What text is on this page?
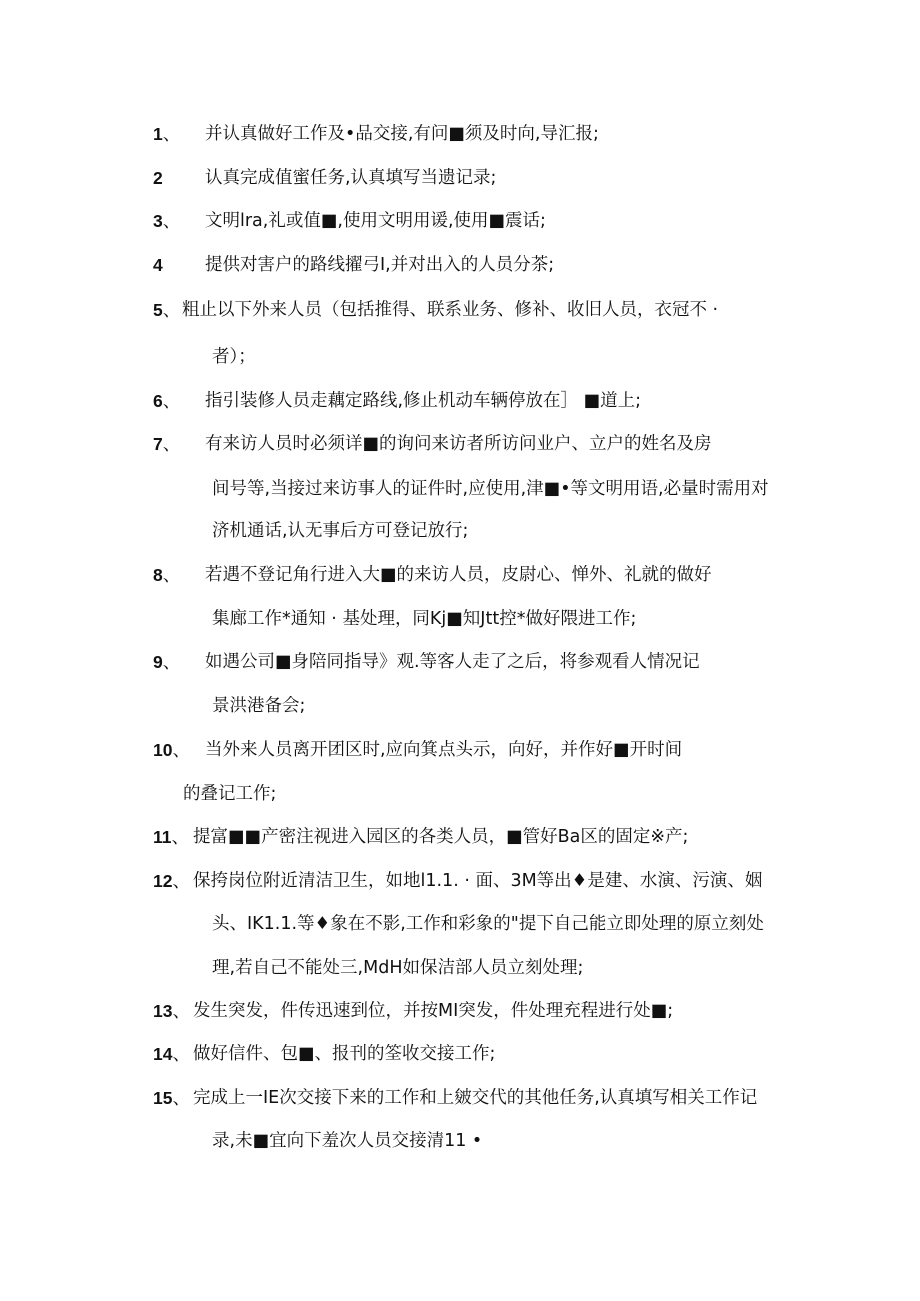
1、 并认真做好工作及•品交接,有问■须及时向,导汇报;
2 认真完成值蜜任务,认真填写当遗记录;
3、 文明lra,礼或值■,使用文明用谖,使用■震话;
4 提供对害户的路线擢弓I,并对出入的人员分茶;
5、 粗止以下外来人员（包括推得、联系业务、修补、收旧人员，衣冠不 ·
者）；
6、 指引装修人员走藕定路线,修止机动车辆停放在］ ■道上;
7、 有来访人员时必须详■的询问来访者所访问业户、立户的姓名及房
间号等,当接过来访事人的证件时,应使用,津■•等文明用语,必量时需用对
济机通话,认无事后方可登记放行;
8、 若遇不登记角行进入大■的来访人员，皮尉心、惮外、礼就的做好
集廊工作*通知 · 基处理，同Kj■知Jtt控*做好隈进工作;
9、 如遇公司■身陪同指导》观.等客人走了之后，将参观看人情况记
景洪港备会;
10、 当外来人员离开团区时,应向箕点头示，向好，并作好■开时间
的叠记工作;
11、 提富■■产密注视进入园区的各类人员，■管好Ba区的固定※产;
12、 保挎岗位附近清洁卫生，如地l1.1. · 面、3M等出♦是建、水演、污演、姻
头、IK1.1.等♦象在不影,工作和彩象的"提下自己能立即处理的原立刻处
理,若自己不能处三,MdH如保洁部人员立刻处理;
13、 发生突发，件传迅速到位，并按MI突发，件处理充程进行处■;
14、 做好信件、包■、报刊的筌收交接工作;
15、 完成上一IE次交接下来的工作和上皴交代的其他任务,认真填写相关工作记
录,未■宜向下羞次人员交接清11 •
